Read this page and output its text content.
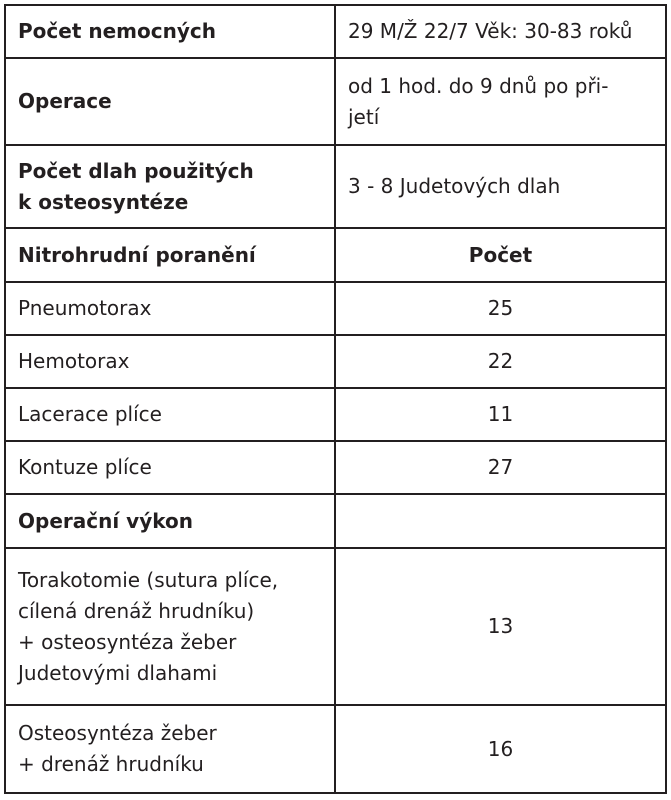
Počet nemocných	29 M/Ž 22/7 Věk: 30-83 roků
Operace	od 1 hod. do 9 dnů po při-
jetí
Počet dlah použitých
k osteosyntéze	3 - 8 Judetových dlah
Nitrohrudní poranění	Počet
Pneumotorax	25
Hemotorax	22
Lacerace plíce	11
Kontuze plíce	27
Operační výkon	
Torakotomie (sutura plíce,
cílená drenáž hrudníku)
+ osteosyntéza žeber
Judetovými dlahami	13
Osteosyntéza žeber
+ drenáž hrudníku	16
